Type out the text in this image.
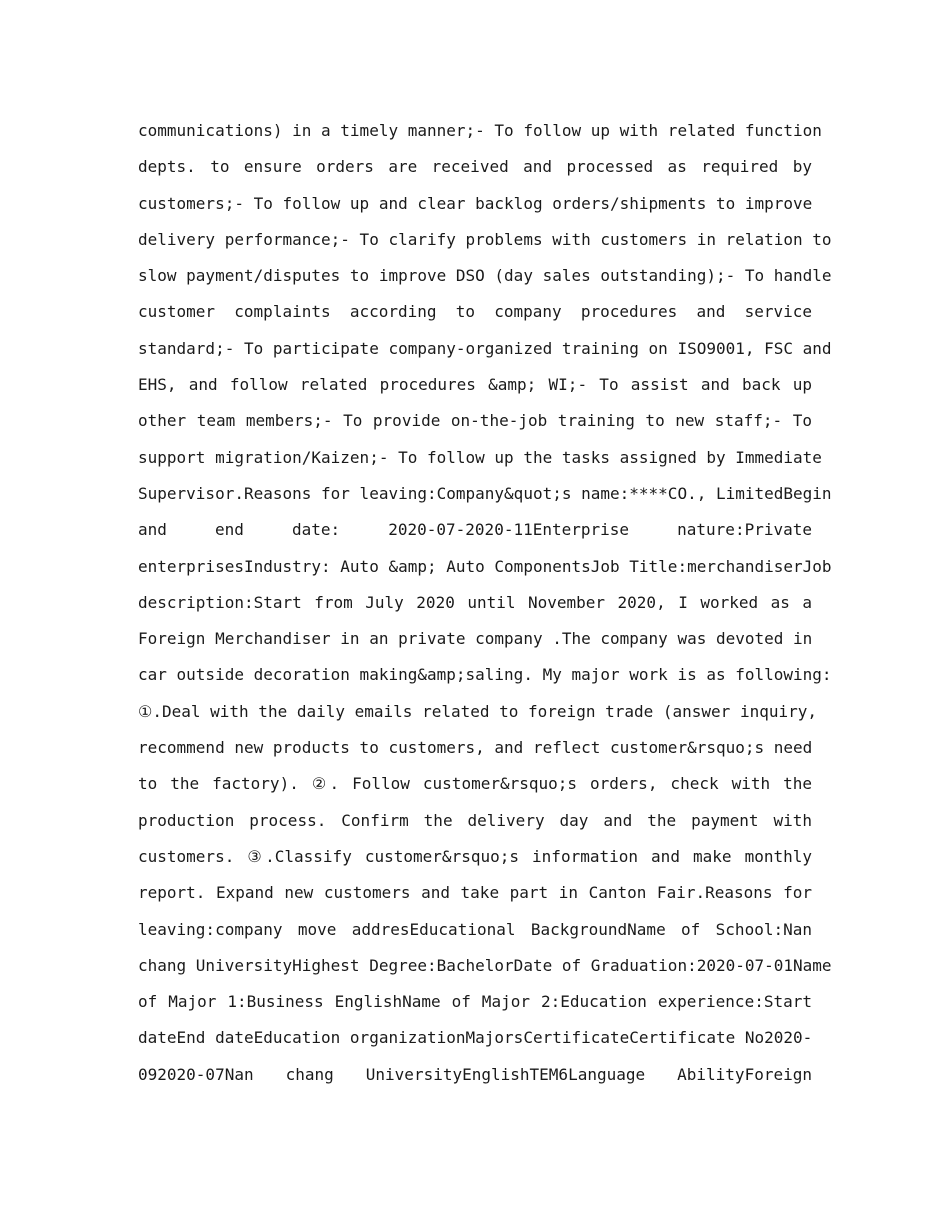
communications) in a timely manner;- To follow up with related function
depts. to ensure orders are received and processed as required by
customers;- To follow up and clear backlog orders/shipments to improve
delivery performance;- To clarify problems with customers in relation to
slow payment/disputes to improve DSO (day sales outstanding);- To handle
customer complaints according to company procedures and service
standard;- To participate company-organized training on ISO9001, FSC and
EHS, and follow related procedures &amp; WI;- To assist and back up
other team members;- To provide on-the-job training to new staff;- To
support migration/Kaizen;- To follow up the tasks assigned by Immediate
Supervisor.Reasons for leaving:Company&quot;s name:****CO., LimitedBegin
and end date: 2020-07-2020-11Enterprise nature:Private
enterprisesIndustry: Auto &amp; Auto ComponentsJob Title:merchandiserJob
description:Start from July 2020 until November 2020, I worked as a
Foreign Merchandiser in an private company .The company was devoted in
car outside decoration making&amp;saling. My major work is as following:
①.Deal with the daily emails related to foreign trade (answer inquiry,
recommend new products to customers, and reflect customer&rsquo;s need
to the factory). ②. Follow customer&rsquo;s orders, check with the
production process. Confirm the delivery day and the payment with
customers. ③.Classify customer&rsquo;s information and make monthly
report. Expand new customers and take part in Canton Fair.Reasons for
leaving:company move addresEducational BackgroundName of School:Nan
chang UniversityHighest Degree:BachelorDate of Graduation:2020-07-01Name
of Major 1:Business EnglishName of Major 2:Education experience:Start
dateEnd dateEducation organizationMajorsCertificateCertificate No2020-
092020-07Nan chang UniversityEnglishTEM6Language AbilityForeign
